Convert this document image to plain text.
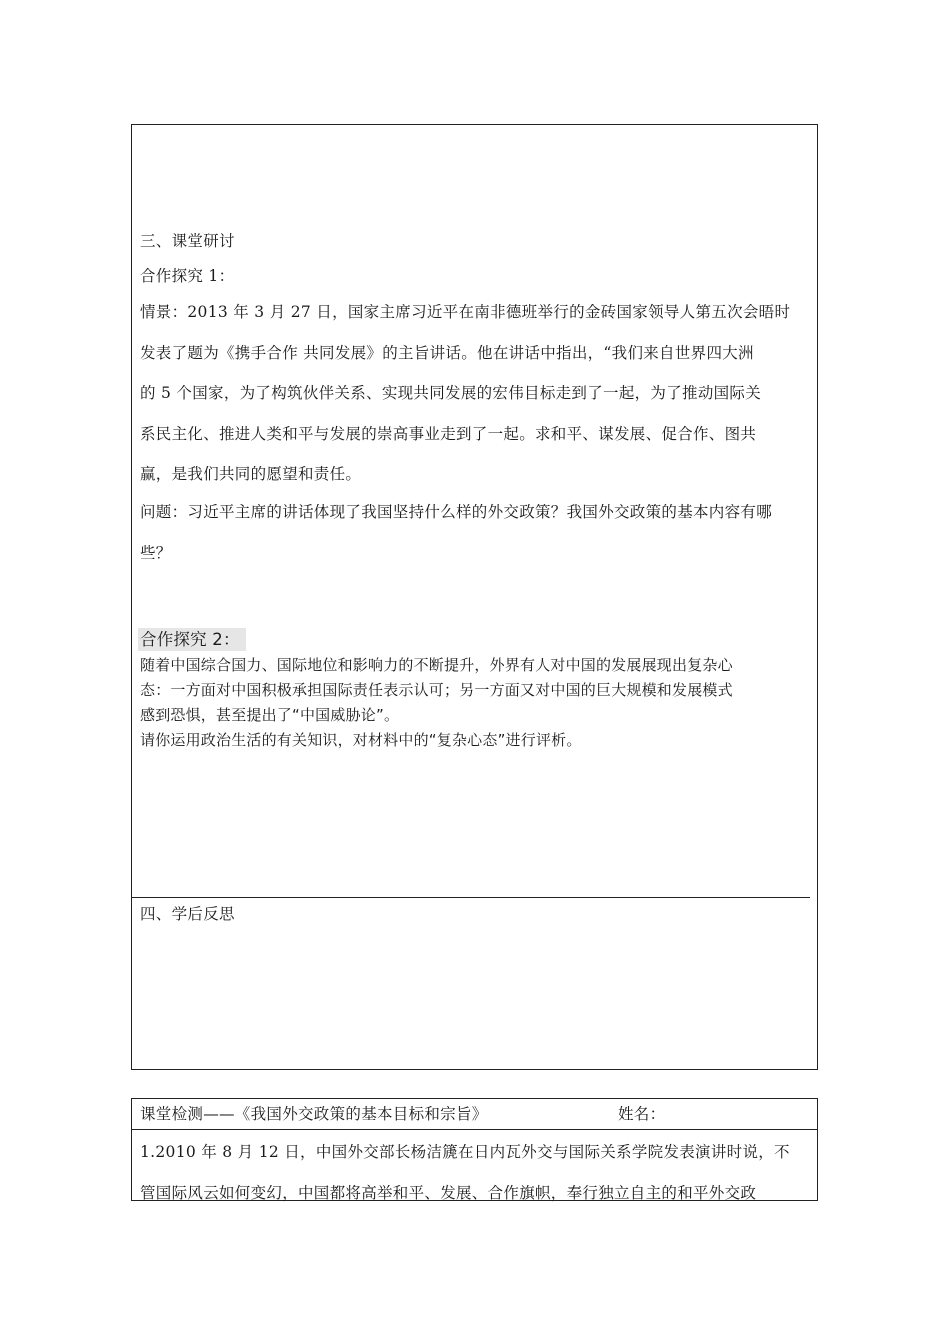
三、课堂研讨
合作探究 1：
情景：2013 年 3 月 27 日，国家主席习近平在南非德班举行的金砖国家领导人第五次会晤时
发表了题为《携手合作 共同发展》的主旨讲话。他在讲话中指出，“我们来自世界四大洲
的 5 个国家，为了构筑伙伴关系、实现共同发展的宏伟目标走到了一起，为了推动国际关
系民主化、推进人类和平与发展的崇高事业走到了一起。求和平、谋发展、促合作、图共
赢，是我们共同的愿望和责任。
问题：习近平主席的讲话体现了我国坚持什么样的外交政策？我国外交政策的基本内容有哪
些？
合作探究 2：
随着中国综合国力、国际地位和影响力的不断提升，外界有人对中国的发展展现出复杂心
态：一方面对中国积极承担国际责任表示认可；另一方面又对中国的巨大规模和发展模式
感到恐惧，甚至提出了“中国威胁论”。
请你运用政治生活的有关知识，对材料中的“复杂心态”进行评析。
四、学后反思
课堂检测——《我国外交政策的基本目标和宗旨》	姓名：
1.2010 年 8 月 12 日，中国外交部长杨洁篪在日内瓦外交与国际关系学院发表演讲时说，不
管国际风云如何变幻，中国都将高举和平、发展、合作旗帜，奉行独立自主的和平外交政
